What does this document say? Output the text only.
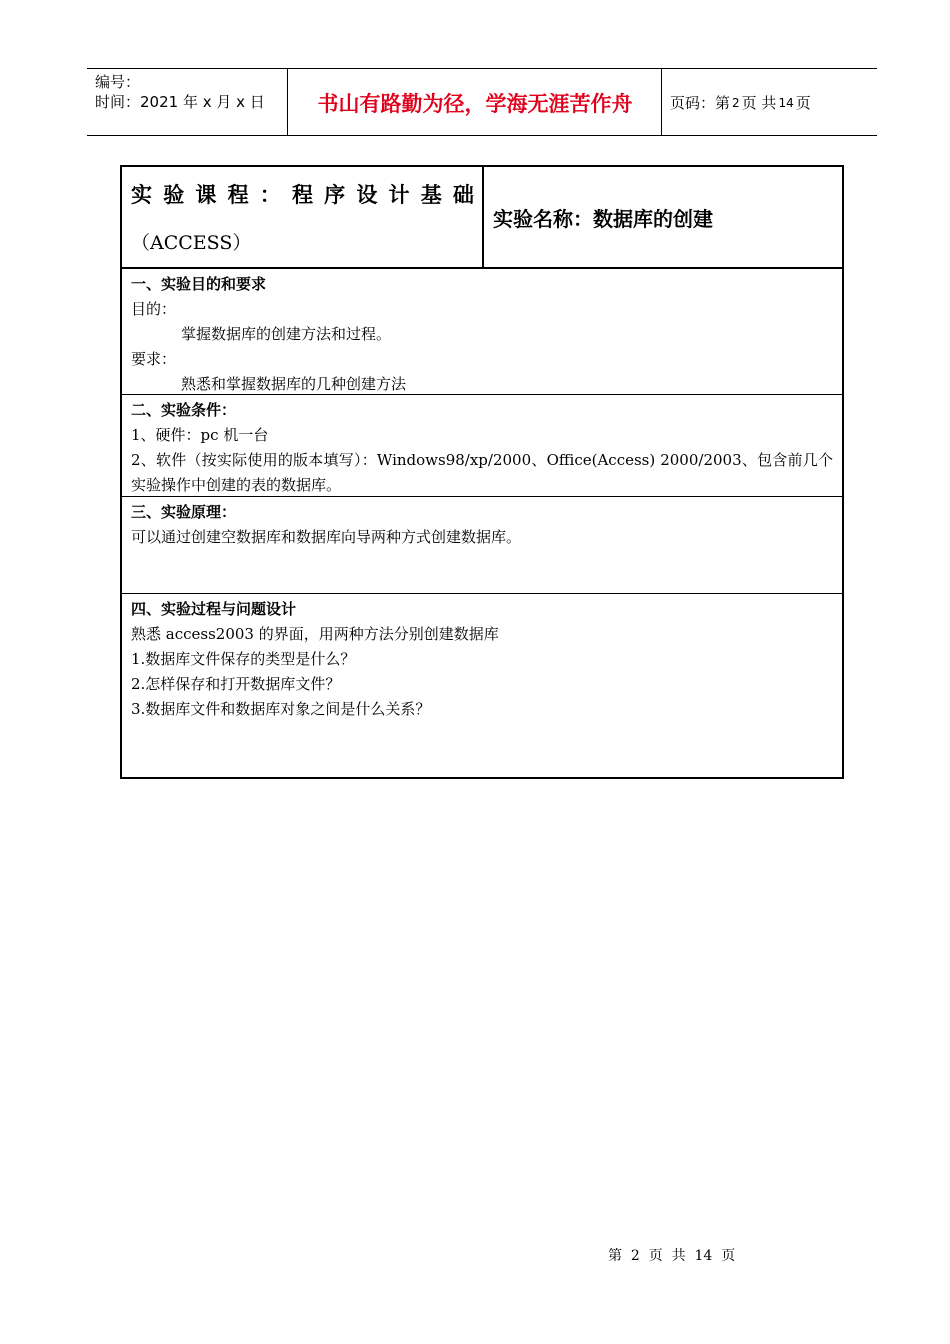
编号：
时间：2021 年 x 月 x 日	书山有路勤为径，学海无涯苦作舟	页码：第 2 页 共 14 页
实 验 课 程 ： 程 序 设 计 基 础
（ACCESS）
实验名称：数据库的创建
一、实验目的和要求
目的：
掌握数据库的创建方法和过程。
要求：
熟悉和掌握数据库的几种创建方法
二、实验条件：
1、硬件：pc 机一台
2、软件（按实际使用的版本填写）：Windows98/xp/2000、Office(Access) 2000/2003、包含前几个实验操作中创建的表的数据库。
三、实验原理：
可以通过创建空数据库和数据库向导两种方式创建数据库。
四、实验过程与问题设计
熟悉 access2003 的界面，用两种方法分别创建数据库
1.数据库文件保存的类型是什么？
2.怎样保存和打开数据库文件？
3.数据库文件和数据库对象之间是什么关系？
第  2  页  共  14  页
